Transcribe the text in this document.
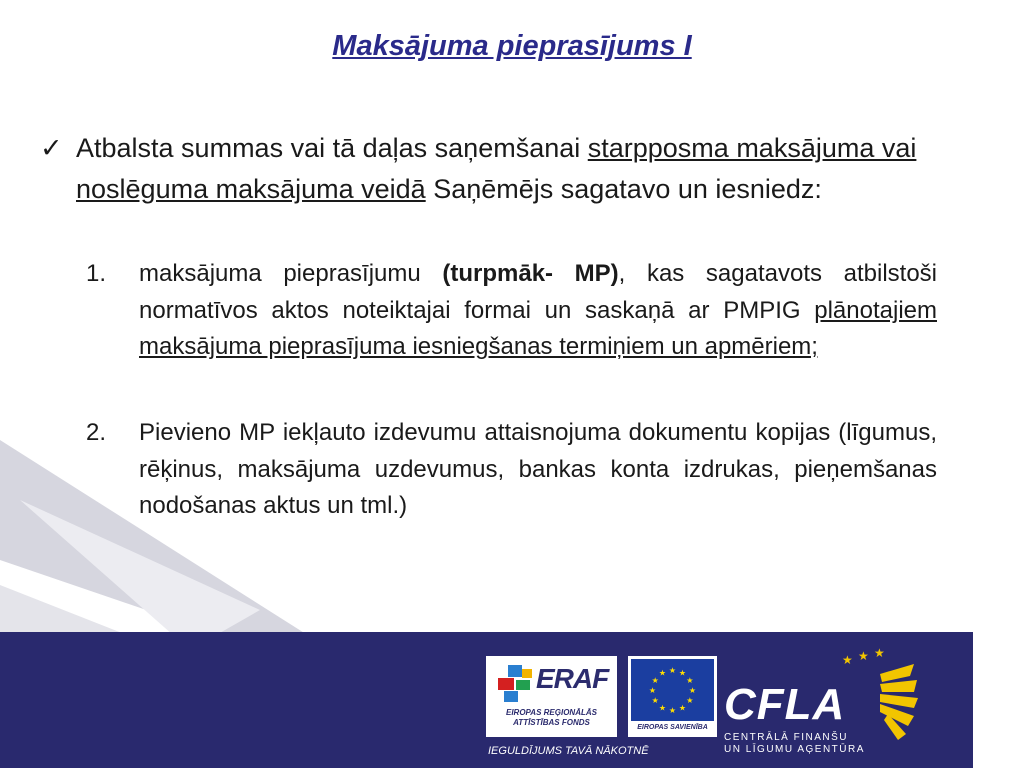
Maksājuma pieprasījums I
✓ Atbalsta summas vai tā daļas saņemšanai starpposma maksājuma vai noslēguma maksājuma veidā Saņēmējs sagatavo un iesniedz:
1. maksājuma pieprasījumu (turpmāk- MP), kas sagatavots atbilstoši normatīvos aktos noteiktajai formai un saskaņā ar PMPIG plānotajiem maksājuma pieprasījuma iesniegšanas termiņiem un apmēriem;
2. Pievieno MP iekļauto izdevumu attaisnojuma dokumentu kopijas (līgumus, rēķinus, maksājuma uzdevumus, bankas konta izdrukas, pieņemšanas nodošanas aktus un tml.)
ERAF
EIROPAS REĢIONĀLĀS
ATTĪSTĪBAS FONDS
★ ★
★
★
★
★
★
★
★
★
★
★
EIROPAS SAVIENĪBA
IEGULDĪJUMS TAVĀ NĀKOTNĒ
CFLA
CENTRĀLĀ FINANŠU
UN LĪGUMU AĢENTŪRA
★ ★ ★
